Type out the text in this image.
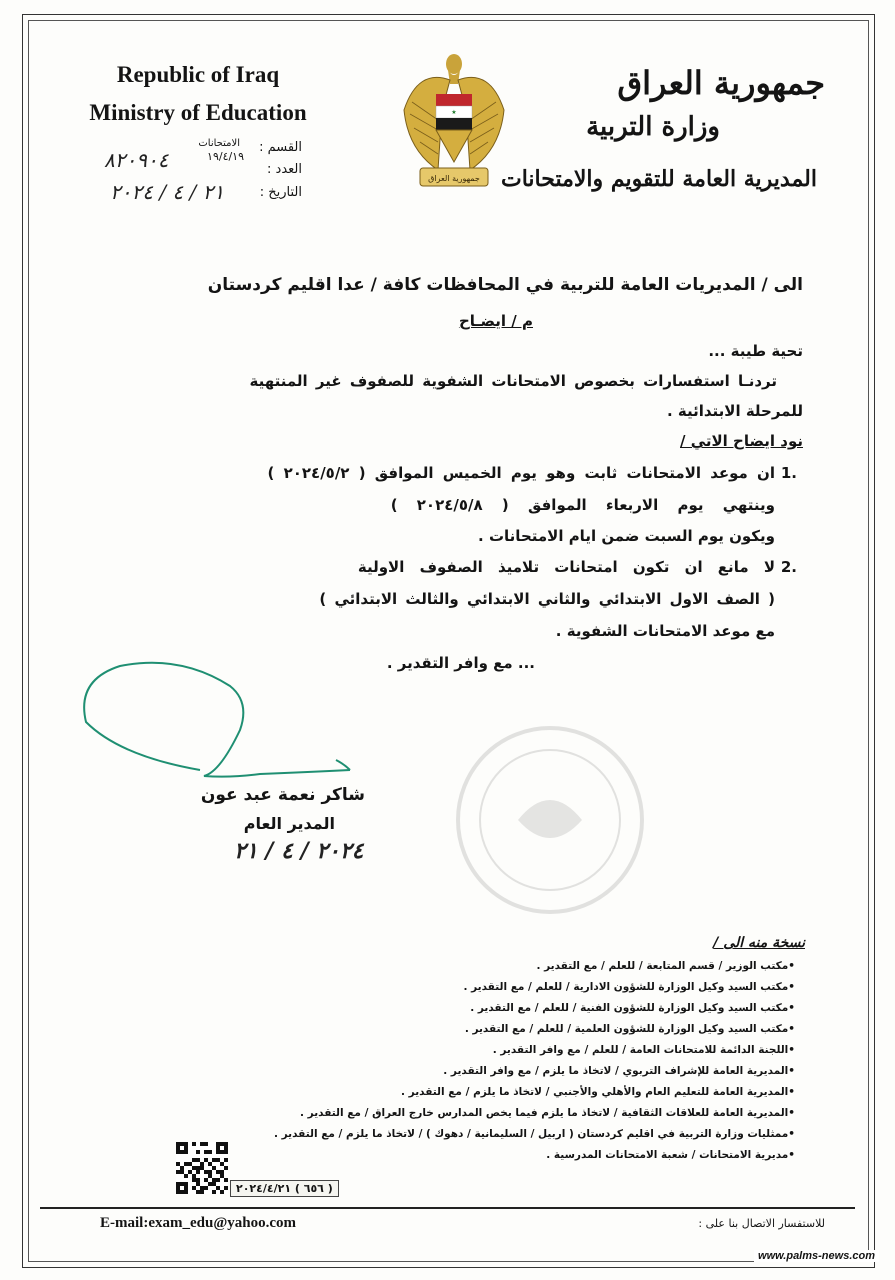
Republic of Iraq
Ministry of Education
جمهورية العراق
وزارة التربية
المديرية العامة للتقويم والامتحانات
★
جمهورية العراق
القسم :
الامتحانات
العدد :
١٩/٤/١٩
٨٢٠٩٠٤
التاريخ :
٢١ / ٤ / ٢٠٢٤
الى / المديريات العامة للتربية في المحافظات كافة / عدا اقليم كردستان
م / ايضـاح
تحية طيبة ...
تردنـا استفسارات بخصوص الامتحانات الشفوية للصفوف غير المنتهية
للمرحلة الابتدائية .
نود ايضاح الاتي /
.1
ان موعد الامتحانات ثابت وهو يوم الخميس الموافق ( ٢٠٢٤/٥/٢ )
وينتهي يوم الاربعاء الموافق ( ٢٠٢٤/٥/٨ )
ويكون يوم السبت ضمن ايام الامتحانات .
.2
لا مانع ان تكون امتحانات تلاميذ الصفوف الاولية
( الصف الاول الابتدائي والثاني الابتدائي والثالث الابتدائي )
مع موعد الامتحانات الشفوية .
... مع وافر التقدير .
شاكر نعمة عبد عون
المدير العام
٢٠٢٤ / ٤ / ٢١
نسخة منه الى /
•مكتب الوزير / قسم المتابعة / للعلم / مع التقدير .
•مكتب السيد وكيل الوزارة للشؤون الادارية / للعلم / مع التقدير .
•مكتب السيد وكيل الوزارة للشؤون الفنية / للعلم / مع التقدير .
•مكتب السيد وكيل الوزارة للشؤون العلمية / للعلم / مع التقدير .
•اللجنة الدائمة للامتحانات العامة / للعلم / مع وافر التقدير .
•المديرية العامة للإشراف التربوي / لاتخاذ ما يلزم / مع وافر التقدير .
•المديرية العامة للتعليم العام والأهلي والأجنبي / لاتخاذ ما يلزم / مع التقدير .
•المديرية العامة للعلاقات الثقافية / لاتخاذ ما يلزم فيما يخص المدارس خارج العراق / مع التقدير .
•ممثليات وزارة التربية في اقليم كردستان ( اربيل / السليمانية / دهوك ) / لاتخاذ ما يلزم / مع التقدير .
•مديرية الامتحانات / شعبة الامتحانات المدرسية .
( ٦٥٦ ) ٢٠٢٤/٤/٢١
E-mail:exam_edu@yahoo.com	للاستفسار الاتصال بنا على :
www.palms-news.com
